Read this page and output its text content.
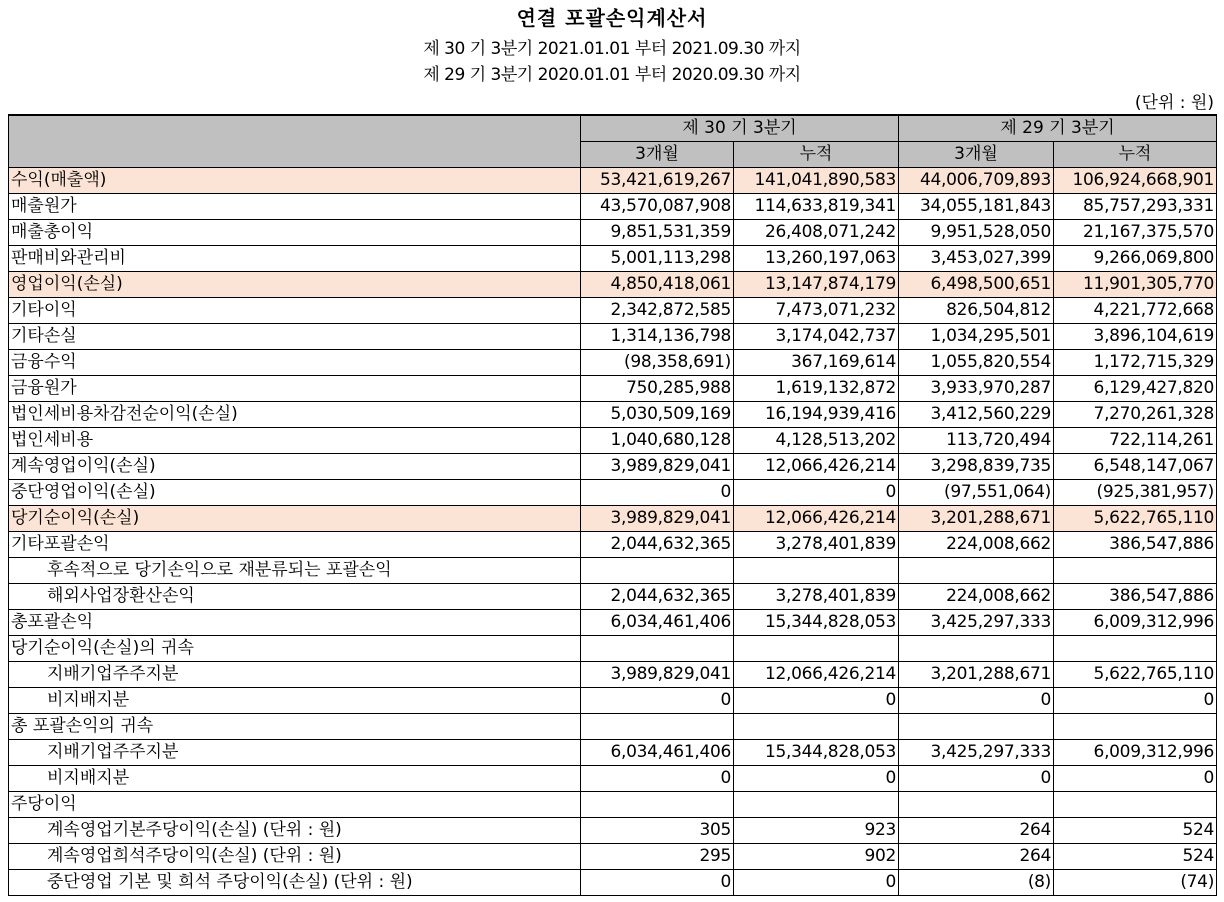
연결 포괄손익계산서
제 30 기 3분기 2021.01.01 부터 2021.09.30 까지
제 29 기 3분기 2020.01.01 부터 2020.09.30 까지
(단위 : 원)
	제 30 기 3분기		제 29 기 3분기	
	3개월	누적	3개월	누적
수익(매출액)	53,421,619,267	141,041,890,583	44,006,709,893	106,924,668,901
매출원가	43,570,087,908	114,633,819,341	34,055,181,843	85,757,293,331
매출총이익	9,851,531,359	26,408,071,242	9,951,528,050	21,167,375,570
판매비와관리비	5,001,113,298	13,260,197,063	3,453,027,399	9,266,069,800
영업이익(손실)	4,850,418,061	13,147,874,179	6,498,500,651	11,901,305,770
기타이익	2,342,872,585	7,473,071,232	826,504,812	4,221,772,668
기타손실	1,314,136,798	3,174,042,737	1,034,295,501	3,896,104,619
금융수익	(98,358,691)	367,169,614	1,055,820,554	1,172,715,329
금융원가	750,285,988	1,619,132,872	3,933,970,287	6,129,427,820
법인세비용차감전순이익(손실)	5,030,509,169	16,194,939,416	3,412,560,229	7,270,261,328
법인세비용	1,040,680,128	4,128,513,202	113,720,494	722,114,261
계속영업이익(손실)	3,989,829,041	12,066,426,214	3,298,839,735	6,548,147,067
중단영업이익(손실)	0	0	(97,551,064)	(925,381,957)
당기순이익(손실)	3,989,829,041	12,066,426,214	3,201,288,671	5,622,765,110
기타포괄손익	2,044,632,365	3,278,401,839	224,008,662	386,547,886
후속적으로 당기손익으로 재분류되는 포괄손익				
해외사업장환산손익	2,044,632,365	3,278,401,839	224,008,662	386,547,886
총포괄손익	6,034,461,406	15,344,828,053	3,425,297,333	6,009,312,996
당기순이익(손실)의 귀속				
지배기업주주지분	3,989,829,041	12,066,426,214	3,201,288,671	5,622,765,110
비지배지분	0	0	0	0
총 포괄손익의 귀속				
지배기업주주지분	6,034,461,406	15,344,828,053	3,425,297,333	6,009,312,996
비지배지분	0	0	0	0
주당이익				
계속영업기본주당이익(손실) (단위 : 원)	305	923	264	524
계속영업희석주당이익(손실) (단위 : 원)	295	902	264	524
중단영업 기본 및 희석 주당이익(손실) (단위 : 원)	0	0	(8)	(74)
